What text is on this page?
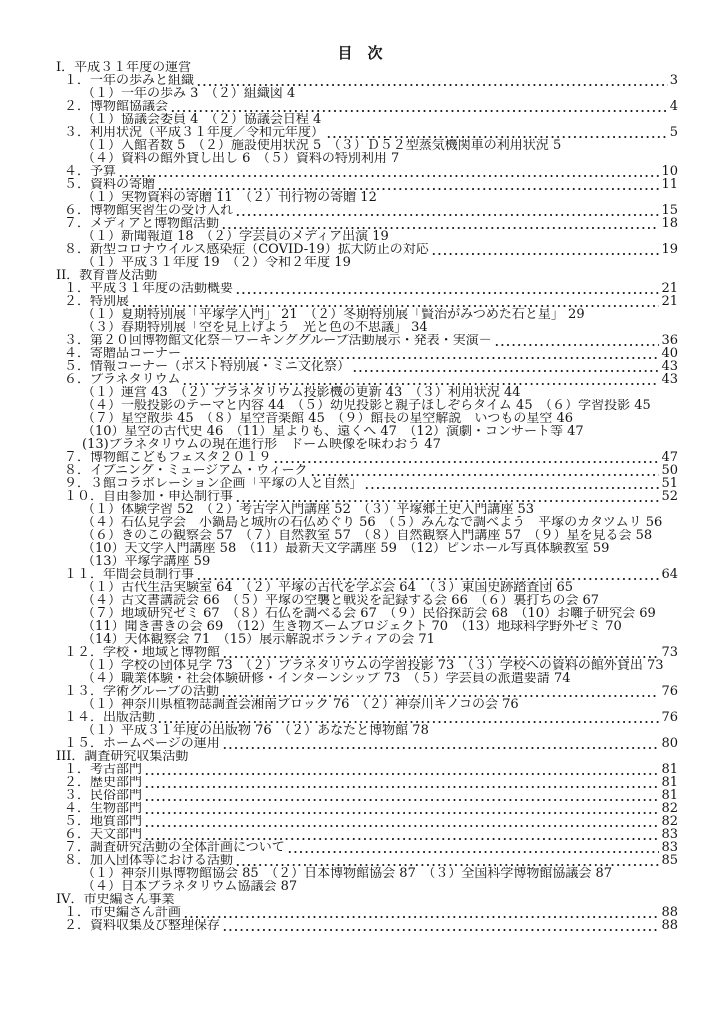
目　次
I．平成３１年度の運営
１．一年の歩みと組織	3
（１）一年の歩み 3　（２）組織図 4
２．博物館協議会	4
（１）協議会委員 4　（２）協議会日程 4
３．利用状況（平成３１年度／令和元年度）	5
（１）入館者数 5　（２）施設使用状況 5　（３）Ｄ５２型蒸気機関車の利用状況 5
（４）資料の館外貸し出し 6　（５）資料の特別利用 7
４．予算	10
５．資料の寄贈	11
（１）実物資料の寄贈 11　（２）刊行物の寄贈 12
６．博物館実習生の受け入れ	15
７．メディアと博物館活動	18
（１）新聞報道 18　（２）学芸員のメディア出演 19
８．新型コロナウイルス感染症（COVID-19）拡大防止の対応	19
（１）平成３１年度 19　（２）令和２年度 19
II．教育普及活動
１．平成３１年度の活動概要	21
２．特別展	21
（１）夏期特別展「平塚学入門」 21　（２）冬期特別展「賢治がみつめた石と星」 29
（３）春期特別展「空を見上げよう　光と色の不思議」 34
３．第２０回博物館文化祭－ワーキンググループ活動展示・発表・実演－	36
４．寄贈品コーナー	40
５．情報コーナー（ポスト特別展・ミニ文化祭）	43
６．プラネタリウム	43
（１）運営 43　（２）プラネタリウム投影機の更新 43　（３）利用状況 44
（４）一般投影のテーマと内容 44　（５）幼児投影と親子ほしぞらタイム 45　（６）学習投影 45
（７）星空散歩 45　（８）星空音楽館 45　（９）館長の星空解説　いつもの星空 46
（10）星空の古代史 46　（11）星よりも、遠くへ 47　（12）演劇・コンサート等 47
(13)プラネタリウムの現在進行形　ドーム映像を味わおう 47
７．博物館こどもフェスタ２０１９	47
８．イブニング・ミュージアム・ウィーク	50
９．３館コラボレーション企画「平塚の人と自然」	51
１０．自由参加・申込制行事	52
（１）体験学習 52　（２）考古学入門講座 52　（３）平塚郷土史入門講座 53
（４）石仏見学会　小鍋島と城所の石仏めぐり 56　（５）みんなで調べよう　平塚のカタツムリ 56
（６）きのこの観察会 57　（７）自然教室 57　（８）自然観察入門講座 57　（９）星を見る会 58
（10）天文学入門講座 58　（11）最新天文学講座 59　（12）ピンホール写真体験教室 59
（13）平塚学講座 59
１１．年間会員制行事	64
（１）古代生活実験室 64　（２）平塚の古代を学ぶ会 64　（３）東国史跡踏査団 65
（４）古文書講読会 66　（５）平塚の空襲と戦災を記録する会 66　（６）裏打ちの会 67
（７）地域研究ゼミ 67　（８）石仏を調べる会 67　（９）民俗探訪会 68　（10）お囃子研究会 69
（11）聞き書きの会 69　（12）生き物ズームプロジェクト 70　（13）地球科学野外ゼミ 70
（14）天体観察会 71　（15）展示解説ボランティアの会 71
１２．学校・地域と博物館	73
（１）学校の団体見学 73　（２）プラネタリウムの学習投影 73　（３）学校への資料の館外貸出 73
（４）職業体験・社会体験研修・インターンシップ 73　（５）学芸員の派遣要請 74
１３．学術グループの活動	76
（１）神奈川県植物誌調査会湘南ブロック 76　（２）神奈川キノコの会 76
１４．出版活動	76
（１）平成３１年度の出版物 76　（２）あなたと博物館 78
１５．ホームページの運用	80
III．調査研究収集活動
１．考古部門	81
２．歴史部門	81
３．民俗部門	81
４．生物部門	82
５．地質部門	82
６．天文部門	83
７．調査研究活動の全体計画について	83
８．加入団体等における活動	85
（１）神奈川県博物館協会 85　（２）日本博物館協会 87　（３）全国科学博物館協議会 87
（４）日本プラネタリウム協議会 87
IV．市史編さん事業
１．市史編さん計画	88
２．資料収集及び整理保存	88
